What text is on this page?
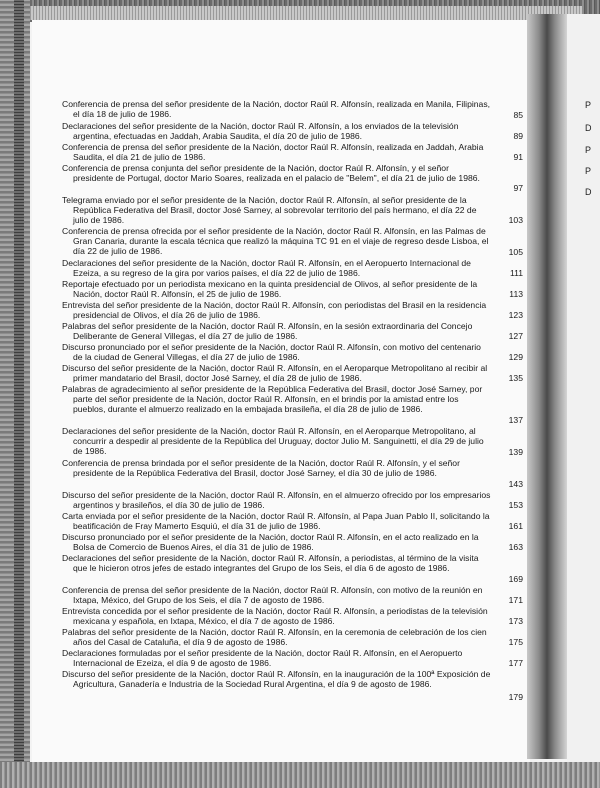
P
D
P
P
D
Conferencia de prensa del señor presidente de la Nación, doctor Raúl R. Alfonsín, realizada en Manila, Filipinas, el día 18 de julio de 1986.	85
Declaraciones del señor presidente de la Nación, doctor Raúl R. Alfonsín, a los enviados de la televisión argentina, efectuadas en Jaddah, Arabia Saudita, el día 20 de julio de 1986.	89
Conferencia de prensa del señor presidente de la Nación, doctor Raúl R. Alfonsín, realizada en Jaddah, Arabia Saudita, el día 21 de julio de 1986.	91
Conferencia de prensa conjunta del señor presidente de la Nación, doctor Raúl R. Alfonsín, y el señor presidente de Portugal, doctor Mario Soares, realizada en el palacio de "Belem", el día 21 de julio de 1986.
97
Telegrama enviado por el señor presidente de la Nación, doctor Raúl R. Alfonsín, al señor presidente de la República Federativa del Brasil, doctor José Sarney, al sobrevolar territorio del país hermano, el día 22 de julio de 1986.	103
Conferencia de prensa ofrecida por el señor presidente de la Nación, doctor Raúl R. Alfonsín, en las Palmas de Gran Canaria, durante la escala técnica que realizó la máquina TC 91 en el viaje de regreso desde Lisboa, el día 22 de julio de 1986.	105
Declaraciones del señor presidente de la Nación, doctor Raúl R. Alfonsín, en el Aeropuerto Internacional de Ezeiza, a su regreso de la gira por varios países, el día 22 de julio de 1986.	111
Reportaje efectuado por un periodista mexicano en la quinta presidencial de Olivos, al señor presidente de la Nación, doctor Raúl R. Alfonsín, el 25 de julio de 1986.	113
Entrevista del señor presidente de la Nación, doctor Raúl R. Alfonsín, con periodistas del Brasil en la residencia presidencial de Olivos, el día 26 de julio de 1986.	123
Palabras del señor presidente de la Nación, doctor Raúl R. Alfonsín, en la sesión extraordinaria del Concejo Deliberante de General Villegas, el día 27 de julio de 1986.	127
Discurso pronunciado por el señor presidente de la Nación, doctor Raúl R. Alfonsín, con motivo del centenario de la ciudad de General Villegas, el día 27 de julio de 1986.	129
Discurso del señor presidente de la Nación, doctor Raúl R. Alfonsín, en el Aeroparque Metropolitano al recibir al primer mandatario del Brasil, doctor José Sarney, el día 28 de julio de 1986.	135
Palabras de agradecimiento al señor presidente de la República Federativa del Brasil, doctor José Sarney, por parte del señor presidente de la Nación, doctor Raúl R. Alfonsín, en el brindis por la amistad entre los pueblos, durante el almuerzo realizado en la embajada brasileña, el día 28 de julio de 1986.
137
Declaraciones del señor presidente de la Nación, doctor Raúl R. Alfonsín, en el Aeroparque Metropolitano, al concurrir a despedir al presidente de la República del Uruguay, doctor Julio M. Sanguinetti, el día 29 de julio de 1986.	139
Conferencia de prensa brindada por el señor presidente de la Nación, doctor Raúl R. Alfonsín, y el señor presidente de la República Federativa del Brasil, doctor José Sarney, el día 30 de julio de 1986.
143
Discurso del señor presidente de la Nación, doctor Raúl R. Alfonsín, en el almuerzo ofrecido por los empresarios argentinos y brasileños, el día 30 de julio de 1986.	153
Carta enviada por el señor presidente de la Nación, doctor Raúl R. Alfonsín, al Papa Juan Pablo II, solicitando la beatificación de Fray Mamerto Esquiú, el día 31 de julio de 1986.	161
Discurso pronunciado por el señor presidente de la Nación, doctor Raúl R. Alfonsín, en el acto realizado en la Bolsa de Comercio de Buenos Aires, el día 31 de julio de 1986.	163
Declaraciones del señor presidente de la Nación, doctor Raúl R. Alfonsín, a periodistas, al término de la visita que le hicieron otros jefes de estado integrantes del Grupo de los Seis, el día 6 de agosto de 1986.
169
Conferencia de prensa del señor presidente de la Nación, doctor Raúl R. Alfonsín, con motivo de la reunión en Ixtapa, México, del Grupo de los Seis, el día 7 de agosto de 1986.	171
Entrevista concedida por el señor presidente de la Nación, doctor Raúl R. Alfonsín, a periodistas de la televisión mexicana y española, en Ixtapa, México, el día 7 de agosto de 1986.	173
Palabras del señor presidente de la Nación, doctor Raúl R. Alfonsín, en la ceremonia de celebración de los cien años del Casal de Cataluña, el día 9 de agosto de 1986.	175
Declaraciones formuladas por el señor presidente de la Nación, doctor Raúl R. Alfonsín, en el Aeropuerto Internacional de Ezeiza, el día 9 de agosto de 1986.	177
Discurso del señor presidente de la Nación, doctor Raúl R. Alfonsín, en la inauguración de la 100ª Exposición de Agricultura, Ganadería e Industria de la Sociedad Rural Argentina, el día 9 de agosto de 1986.
179
